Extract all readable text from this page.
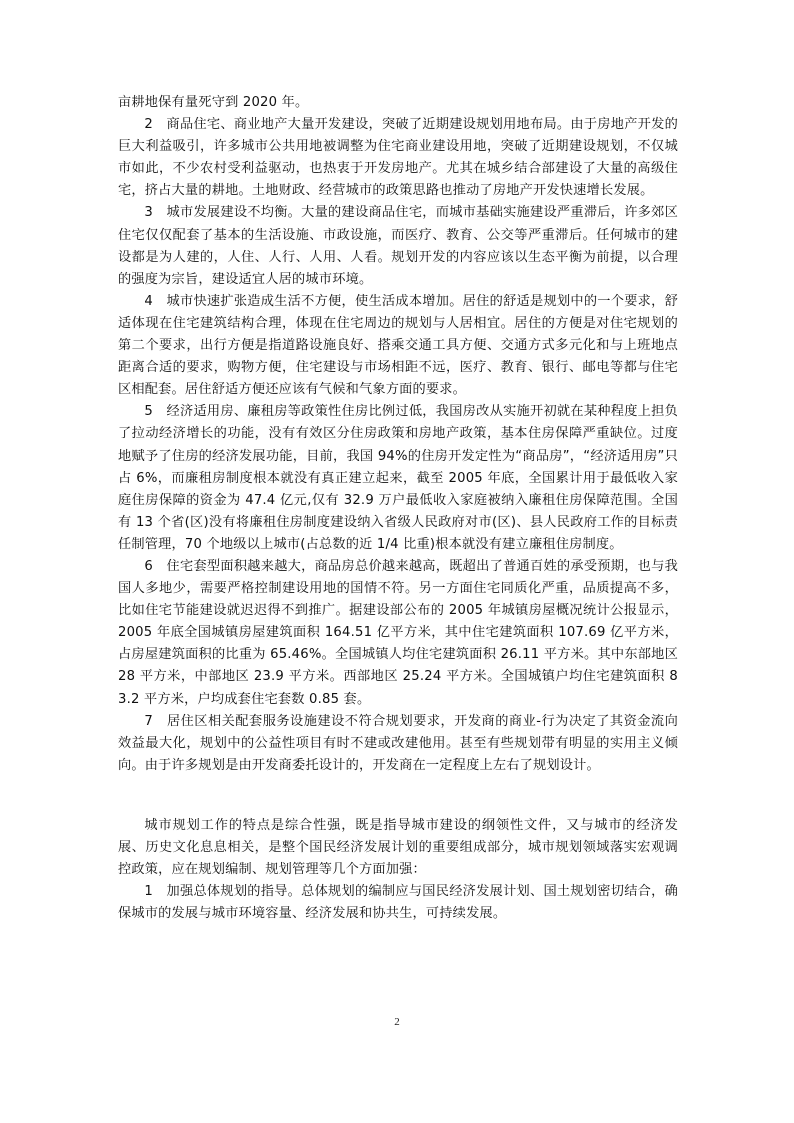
亩耕地保有量死守到 2020 年。

2　商品住宅、商业地产大量开发建设，突破了近期建设规划用地布局。由于房地产开发的巨大利益吸引，许多城市公共用地被调整为住宅商业建设用地，突破了近期建设规划，不仅城市如此，不少农村受利益驱动，也热衷于开发房地产。尤其在城乡结合部建设了大量的高级住宅，挤占大量的耕地。土地财政、经营城市的政策思路也推动了房地产开发快速增长发展。

3　城市发展建设不均衡。大量的建设商品住宅，而城市基础实施建设严重滞后，许多郊区住宅仅仅配套了基本的生活设施、市政设施，而医疗、教育、公交等严重滞后。任何城市的建设都是为人建的，人住、人行、人用、人看。规划开发的内容应该以生态平衡为前提，以合理的强度为宗旨，建设适宜人居的城市环境。

4　城市快速扩张造成生活不方便，使生活成本增加。居住的舒适是规划中的一个要求，舒适体现在住宅建筑结构合理，体现在住宅周边的规划与人居相宜。居住的方便是对住宅规划的第二个要求，出行方便是指道路设施良好、搭乘交通工具方便、交通方式多元化和与上班地点距离合适的要求，购物方便，住宅建设与市场相距不远，医疗、教育、银行、邮电等都与住宅区相配套。居住舒适方便还应该有气候和气象方面的要求。

5　经济适用房、廉租房等政策性住房比例过低，我国房改从实施开初就在某种程度上担负了拉动经济增长的功能，没有有效区分住房政策和房地产政策，基本住房保障严重缺位。过度地赋予了住房的经济发展功能，目前，我国 94%的住房开发定性为“商品房”，“经济适用房”只占 6%，而廉租房制度根本就没有真正建立起来，截至 2005 年底，全国累计用于最低收入家庭住房保障的资金为 47.4 亿元,仅有 32.9 万户最低收入家庭被纳入廉租住房保障范围。全国有 13 个省(区)没有将廉租住房制度建设纳入省级人民政府对市(区)、县人民政府工作的目标责任制管理，70 个地级以上城市(占总数的近 1/4 比重)根本就没有建立廉租住房制度。

6　住宅套型面积越来越大，商品房总价越来越高，既超出了普通百姓的承受预期，也与我国人多地少，需要严格控制建设用地的国情不符。另一方面住宅同质化严重，品质提高不多，比如住宅节能建设就迟迟得不到推广。据建设部公布的 2005 年城镇房屋概况统计公报显示，2005 年底全国城镇房屋建筑面积 164.51 亿平方米，其中住宅建筑面积 107.69 亿平方米，占房屋建筑面积的比重为 65.46%。全国城镇人均住宅建筑面积 26.11 平方米。其中东部地区 28 平方米，中部地区 23.9 平方米。西部地区 25.24 平方米。全国城镇户均住宅建筑面积 83.2 平方米，户均成套住宅套数 0.85 套。

7　居住区相关配套服务设施建设不符合规划要求，开发商的商业-行为决定了其资金流向效益最大化，规划中的公益性项目有时不建或改建他用。甚至有些规划带有明显的实用主义倾向。由于许多规划是由开发商委托设计的，开发商在一定程度上左右了规划设计。

城市规划工作的特点是综合性强，既是指导城市建设的纲领性文件，又与城市的经济发展、历史文化息息相关，是整个国民经济发展计划的重要组成部分，城市规划领域落实宏观调控政策，应在规划编制、规划管理等几个方面加强：

1　加强总体规划的指导。总体规划的编制应与国民经济发展计划、国土规划密切结合，确保城市的发展与城市环境容量、经济发展和协共生，可持续发展。

2
